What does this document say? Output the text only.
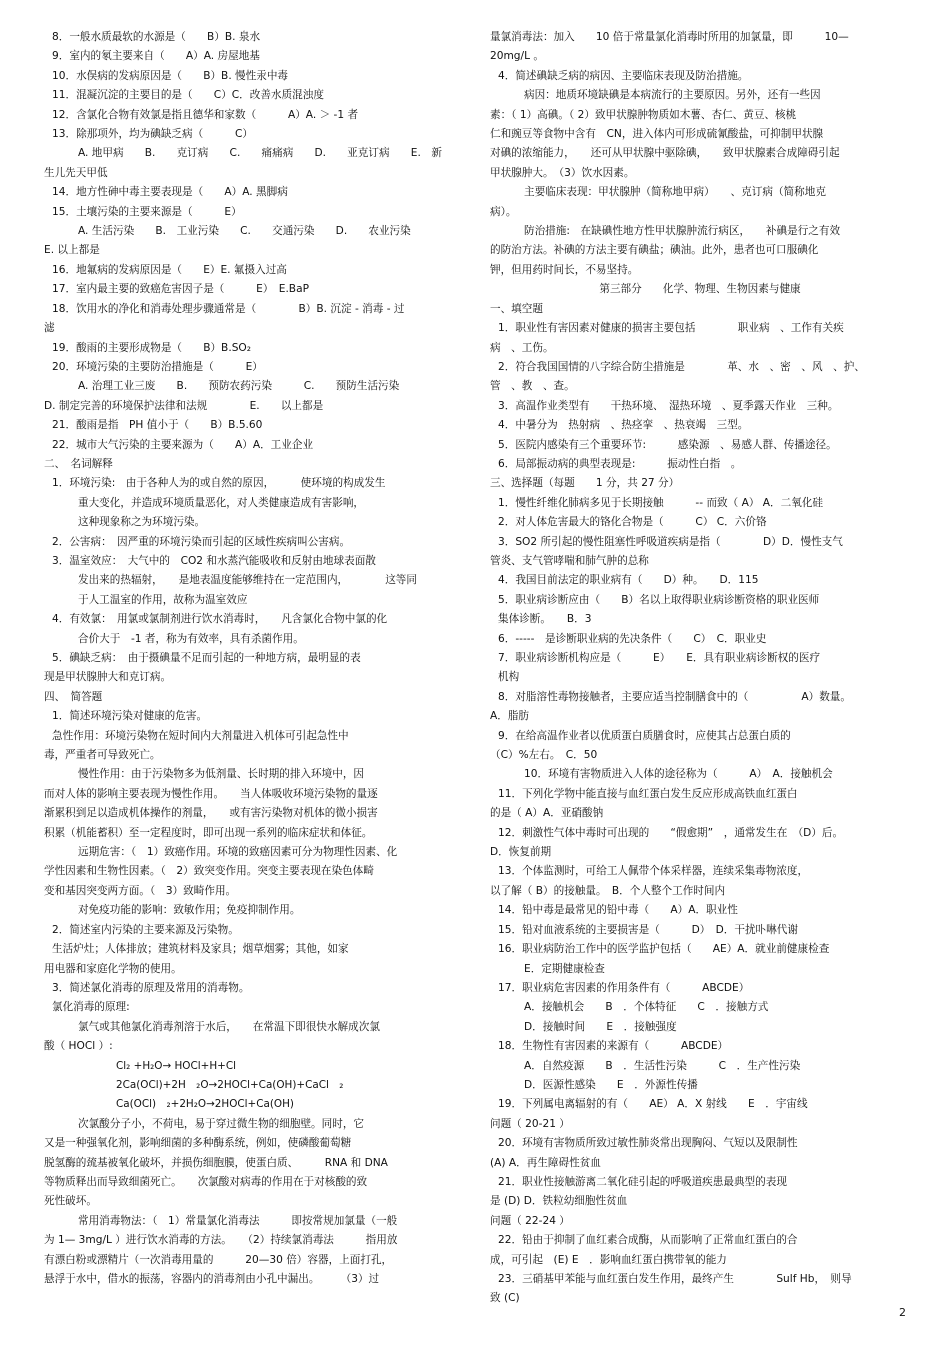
8．一般水质最软的水源是（　　B）B. 泉水
9．室内的氡主要来自（　　A）A. 房屋地基
10．水俣病的发病原因是（　　B）B. 慢性汞中毒
11．混凝沉淀的主要目的是（　　C）C．改善水质混浊度
12．含氯化合物有效氯是指且德华和家数（　　　A）A. ＞ -1 者
13．除那项外，均为碘缺乏病（　　　C）
A. 地甲病　　B.　　克订病　　C.　　痛痛病　　D.　　亚克订病　　E.　新
生儿先天甲低
14．地方性砷中毒主要表现是（　　A）A. 黑脚病
15．土壤污染的主要来源是（　　　E）
A. 生活污染　　B.　工业污染　　C.　　交通污染　　D.　　农业污染
E. 以上都是
16．地氟病的发病原因是（　　E）E. 氟摄入过高
17．室内最主要的致癌危害因子是（　　　E）　E.BaP
18．饮用水的净化和消毒处理步骤通常是（　　　　B）B. 沉淀 - 消毒 - 过
滤
19．酸雨的主要形成物是（　　B）B.SO₂
20．环境污染的主要防治措施是（　　　E）
A. 治理工业三废　　B.　　预防农药污染　　　C.　　预防生活污染
D. 制定完善的环境保护法律和法规　　　　E.　　以上都是
21．酸雨是指　PH 值小于（　　B）B.5.60
22．城市大气污染的主要来源为（　　A）A．工业企业
二、　名词解释
1．环境污染:　由于各种人为的或自然的原因，　　　使环境的构成发生
重大变化，并造成环境质量恶化，对人类健康造成有害影响，
这种现象称之为环境污染。
2．公害病：　因严重的环境污染而引起的区域性疾病叫公害病。
3．温室效应：　大气中的　CO2 和水蒸汽能吸收和反射由地球表面散
发出来的热辐射，　　是地表温度能够维持在一定范围内，　　　　这等同
于人工温室的作用，故称为温室效应
4．有效氯：　用氯或氯制剂进行饮水消毒时，　　凡含氯化合物中氯的化
合价大于　-1 者，称为有效率，具有杀菌作用。
5．碘缺乏病：　由于摄碘量不足而引起的一种地方病，最明显的表
现是甲状腺肿大和克订病。
四、　简答题
1．简述环境污染对健康的危害。
急性作用：环境污染物在短时间内大剂量进入机体可引起急性中
毒，严重者可导致死亡。
慢性作用：由于污染物多为低剂量、长时期的排入环境中，因
而对人体的影响主要表现为慢性作用。　　当人体吸收环境污染物的量逐
渐累积到足以造成机体操作的剂量，　　或有害污染物对机体的微小损害
积累（机能蓄积）至一定程度时，即可出现一系列的临床症状和体征。
远期危害：（　1）致癌作用。环境的致癌因素可分为物理性因素、化
学性因素和生物性因素。（　2）致突变作用。突变主要表现在染色体畸
变和基因突变两方面。（　3）致畸作用。
对免疫功能的影响：致敏作用；免疫抑制作用。
2．简述室内污染的主要来源及污染物。
生活炉灶；人体排放；建筑材料及家具；烟草烟雾；其他，如家
用电器和家庭化学物的使用。
3．简述氯化消毒的原理及常用的消毒物。
氯化消毒的原理:
氯气或其他氯化消毒剂溶于水后，　　在常温下即很快水解成次氯
酸（ HOCl ）:
Cl₂ +H₂O→ HOCl+H+Cl
2Ca(OCl)+2H　₂O→2HOCl+Ca(OH)+CaCl　₂
Ca(OCl)　₂+2H₂O→2HOCl+Ca(OH)
次氯酸分子小，不荷电，易于穿过微生物的细胞壁。同时，它
又是一种强氧化剂，影响细菌的多种酶系统，例如，使磷酸葡萄糖
脱氢酶的巯基被氧化破坏，并损伤细胞膜，使蛋白质、　　　RNA 和 DNA
等物质释出而导致细菌死亡。　　次氯酸对病毒的作用在于对核酸的致
死性破坏。
常用消毒物法：（　1）常量氯化消毒法　　　即按常规加氯量（一般
为 1— 3mg/L ）进行饮水消毒的方法。　　（2）持续氯消毒法　　　指用放
有漂白粉或漂精片（一次消毒用量的　　　20—30 倍）容器，上面打孔，
悬浮于水中，借水的振荡，容器内的消毒剂由小孔中漏出。　　　（3）过
量氯消毒法：加入　　10 倍于常量氯化消毒时所用的加氯量，即　　　10—
20mg/L 。
4．简述碘缺乏病的病因、主要临床表现及防治措施。
病因：地质环境缺碘是本病流行的主要原因。另外，还有一些因
素：（ 1）高碘。（ 2）致甲状腺肿物质如木薯、杏仁、黄豆、核桃
仁和豌豆等食物中含有　CN，进入体内可形成硫氰酸盐，可抑制甲状腺
对碘的浓缩能力，　　还可从甲状腺中驱除碘，　　致甲状腺素合成障碍引起
甲状腺肿大。　（3）饮水因素。
主要临床表现：甲状腺肿（简称地甲病）　　、克订病（简称地克
病）。
防治措施:　在缺碘性地方性甲状腺肿流行病区，　　补碘是行之有效
的防治方法。补碘的方法主要有碘盐；碘油。此外，患者也可口服碘化
钾，但用药时间长，不易坚持。
第三部分　　化学、物理、生物因素与健康
一、填空题
1．职业性有害因素对健康的损害主要包括　　　　职业病　、工作有关疾
病　、工伤。
2．符合我国国情的八字综合防尘措施是　　　　革、水　、密　、风　、护、
管　、教　、查。
3．高温作业类型有　　干热环境、　湿热环境　、夏季露天作业　三种。
4．中暑分为　热射病　、热痉挛　、热衰竭　三型。
5．医院内感染有三个重要环节:　　　感染源　、易感人群、传播途径。
6．局部振动病的典型表现是:　　　振动性白指　。
三、选择题（每题　　1 分，共 27 分）
1．慢性纤维化肺病多见于长期接触　　　-- 而致（ A） A．二氧化硅
2．对人体危害最大的铬化合物是（　　　C） C．六价铬
3．SO2 所引起的慢性阻塞性呼吸道疾病是指（　　　　D）D．慢性支气
管炎、支气管哮喘和肺气肿的总称
4．我国目前法定的职业病有（　　D）种。　　D．115
5．职业病诊断应由（　　B）名以上取得职业病诊断资格的职业医师
集体诊断。　　B．3
6．-----　是诊断职业病的先决条件（　　C）　C．职业史
7．职业病诊断机构应是（　　　E）　　E．具有职业病诊断权的医疗
机构
8．对脂溶性毒物接触者，主要应适当控制膳食中的（　　　　　A）数量。
A．脂肪
9．在给高温作业者以优质蛋白质膳食时，应使其占总蛋白质的
（C）%左右。　C．50
10．环境有害物质进入人体的途径称为（　　　A）　A．接触机会
11．下列化学物中能直接与血红蛋白发生反应形成高铁血红蛋白
的是（ A）A．亚硝酸钠
12．刺激性气体中毒时可出现的　　“假愈期”　，通常发生在　（D）后。
D．恢复前期
13．个体监测时，可给工人佩带个体采样器，连续采集毒物浓度，
以了解（ B）的接触量。　B．个人整个工作时间内
14．铅中毒是最常见的铅中毒（　　A）A．职业性
15．铅对血液系统的主要损害是（　　　D）　D．干扰卟啉代谢
16．职业病防治工作中的医学监护包括（　　AE）A．就业前健康检查
E．定期健康检查
17．职业病危害因素的作用条件有（　　　ABCDE）
A．接触机会　　B　．个体特征　　C　．接触方式
D．接触时间　　E　．接触强度
18．生物性有害因素的来源有（　　　ABCDE）
A．自然疫源　　B　．生活性污染　　　C　．生产性污染
D．医源性感染　　E　．外源性传播
19．下列属电离辐射的有（　　AE） A．X 射线　　E　．宇宙线
问题（ 20-21 ）
20．环境有害物质所致过敏性肺炎常出现胸闷、气短以及限制性
(A) A．再生障碍性贫血
21．职业性接触游离二氧化硅引起的呼吸道疾患最典型的表现
是 (D) D．铁粒幼细胞性贫血
问题（ 22-24 ）
22．铅由于抑制了血红素合成酶，从而影响了正常血红蛋白的合
成，可引起　(E) E　．影响血红蛋白携带氧的能力
23．三硝基甲苯能与血红蛋白发生作用，最终产生　　　　Sulf Hb，　则导
致 (C)
2
